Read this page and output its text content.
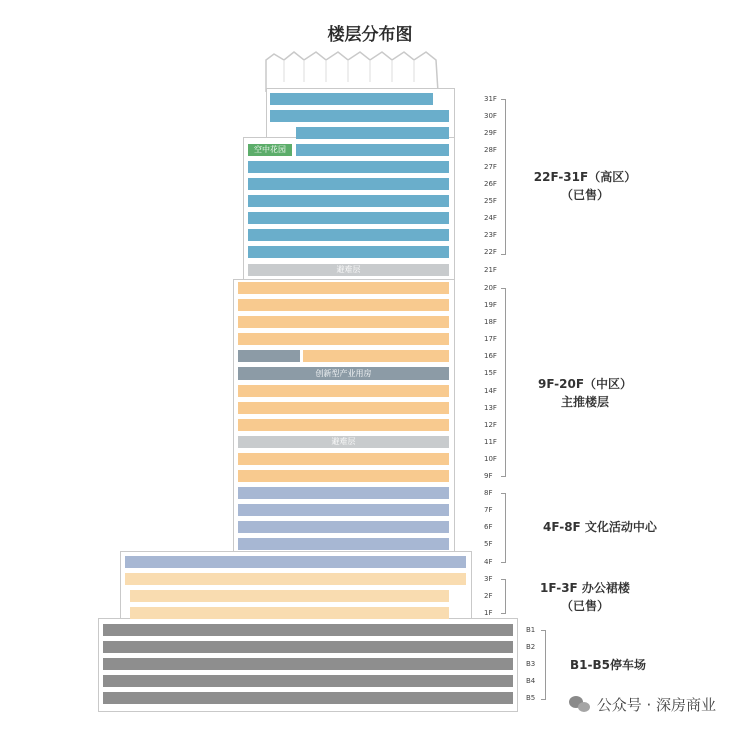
楼层分布图
空中花园
避难层
创新型产业用房
避难层
31F
30F
29F
28F
27F
26F
25F
24F
23F
22F
21F
20F
19F
18F
17F
16F
15F
14F
13F
12F
11F
10F
9F
8F
7F
6F
5F
4F
3F
2F
1F
B1
B2
B3
B4
B5
22F-31F（高区）
（已售）
9F-20F（中区）
主推楼层
4F-8F 文化活动中心
1F-3F 办公裙楼
（已售）
B1-B5停车场
公众号 · 深房商业
